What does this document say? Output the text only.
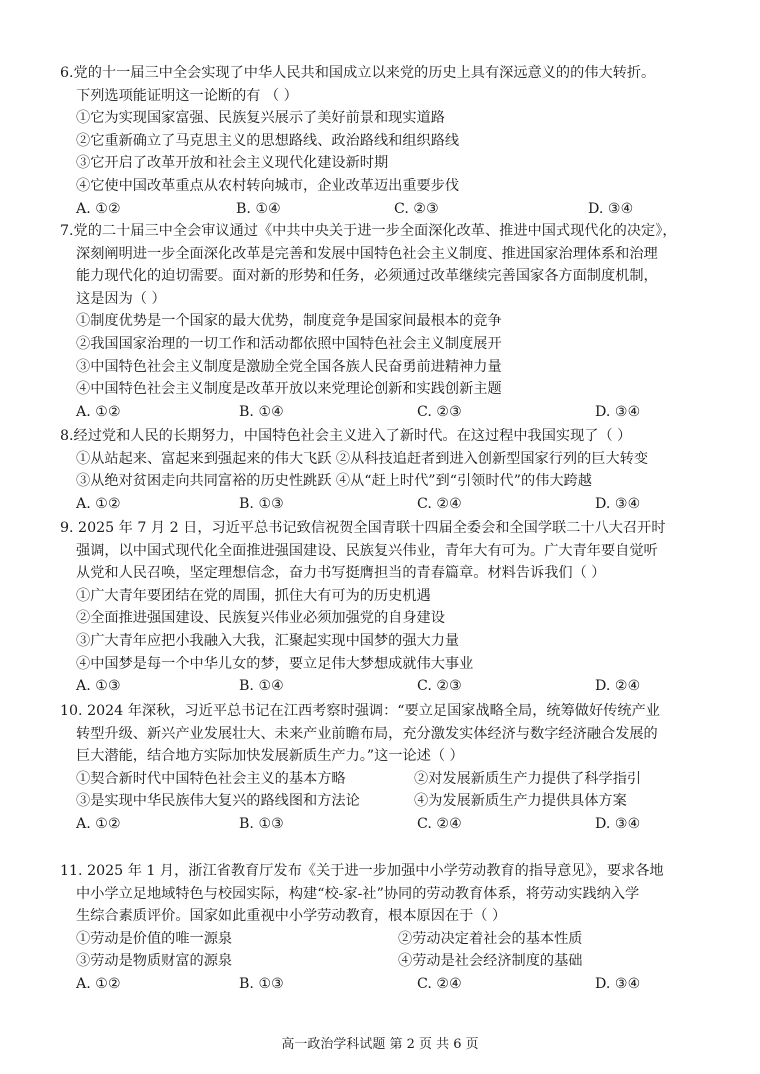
6.党的十一届三中全会实现了中华人民共和国成立以来党的历史上具有深远意义的的伟大转折。
下列选项能证明这一论断的有 （ ）
①它为实现国家富强、民族复兴展示了美好前景和现实道路
②它重新确立了马克思主义的思想路线、政治路线和组织路线
③它开启了改革开放和社会主义现代化建设新时期
④它使中国改革重点从农村转向城市，企业改革迈出重要步伐
A. ①②	B. ①④	C. ②③	D. ③④
7.党的二十届三中全会审议通过《中共中央关于进一步全面深化改革、推进中国式现代化的决定》，
深刻阐明进一步全面深化改革是完善和发展中国特色社会主义制度、推进国家治理体系和治理
能力现代化的迫切需要。面对新的形势和任务，必须通过改革继续完善国家各方面制度机制，
这是因为（ ）
①制度优势是一个国家的最大优势，制度竞争是国家间最根本的竞争
②我国国家治理的一切工作和活动都依照中国特色社会主义制度展开
③中国特色社会主义制度是激励全党全国各族人民奋勇前进精神力量
④中国特色社会主义制度是改革开放以来党理论创新和实践创新主题
A. ①②	B. ①④	C. ②③	D. ③④
8.经过党和人民的长期努力，中国特色社会主义进入了新时代。在这过程中我国实现了（ ）
①从站起来、富起来到强起来的伟大飞跃 ②从科技追赶者到进入创新型国家行列的巨大转变
③从绝对贫困走向共同富裕的历史性跳跃 ④从“赶上时代”到“引领时代”的伟大跨越
A. ①②	B. ①③	C. ②④	D. ③④
9. 2025 年 7 月 2 日，习近平总书记致信祝贺全国青联十四届全委会和全国学联二十八大召开时
强调，以中国式现代化全面推进强国建设、民族复兴伟业，青年大有可为。广大青年要自觉听
从党和人民召唤，坚定理想信念，奋力书写挺膺担当的青春篇章。材料告诉我们（ ）
①广大青年要团结在党的周围，抓住大有可为的历史机遇
②全面推进强国建设、民族复兴伟业必须加强党的自身建设
③广大青年应把小我融入大我，汇聚起实现中国梦的强大力量
④中国梦是每一个中华儿女的梦，要立足伟大梦想成就伟大事业
A. ①③	B. ①④	C. ②③	D. ②④
10. 2024 年深秋，习近平总书记在江西考察时强调：“要立足国家战略全局，统筹做好传统产业
转型升级、新兴产业发展壮大、未来产业前瞻布局，充分激发实体经济与数字经济融合发展的
巨大潜能，结合地方实际加快发展新质生产力。”这一论述（ ）
①契合新时代中国特色社会主义的基本方略	②对发展新质生产力提供了科学指引
③是实现中华民族伟大复兴的路线图和方法论	④为发展新质生产力提供具体方案
A. ①②	B. ①③	C. ②④	D. ③④
11. 2025 年 1 月，浙江省教育厅发布《关于进一步加强中小学劳动教育的指导意见》，要求各地
中小学立足地域特色与校园实际，构建“校-家-社”协同的劳动教育体系，将劳动实践纳入学
生综合素质评价。国家如此重视中小学劳动教育，根本原因在于（ ）
①劳动是价值的唯一源泉	②劳动决定着社会的基本性质
③劳动是物质财富的源泉	④劳动是社会经济制度的基础
A. ①②	B. ①③	C. ②④	D. ③④
高一政治学科试题 第 2 页 共 6 页
